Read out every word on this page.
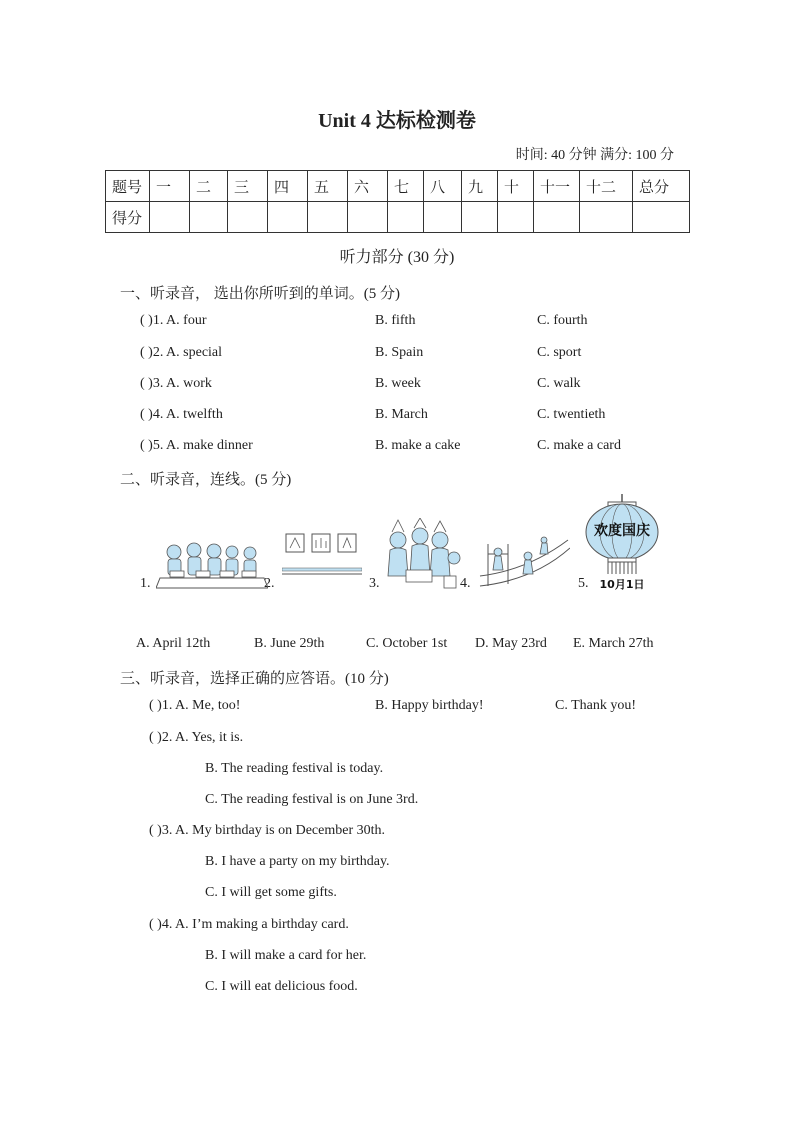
Unit 4 达标检测卷
时间: 40 分钟 满分: 100 分
题号	一	二	三	四	五	六	七	八	九	十	十一	十二	总分
得分													
听力部分 (30 分)
一、听录音， 选出你所听到的单词。(5 分)
( )1. A. four	B. fifth	C. fourth
( )2. A. special	B. Spain	C. sport
( )3. A. work	B. week	C. walk
( )4. A. twelfth	B. March	C. twentieth
( )5. A. make dinner	B. make a cake	C. make a card
二、听录音，连线。(5 分)
1.	2.	3.	4.	5.
欢度国庆
10月1日
A. April 12th	B. June 29th	C. October 1st D. May 23rd E. March 27th
三、听录音，选择正确的应答语。(10 分)
( )1. A. Me, too!	B. Happy birthday!	C. Thank you!
( )2. A. Yes, it is.
B. The reading festival is today.
C. The reading festival is on June 3rd.
( )3. A. My birthday is on December 30th.
B. I have a party on my birthday.
C. I will get some gifts.
( )4. A. I’m making a birthday card.
B. I will make a card for her.
C. I will eat delicious food.
